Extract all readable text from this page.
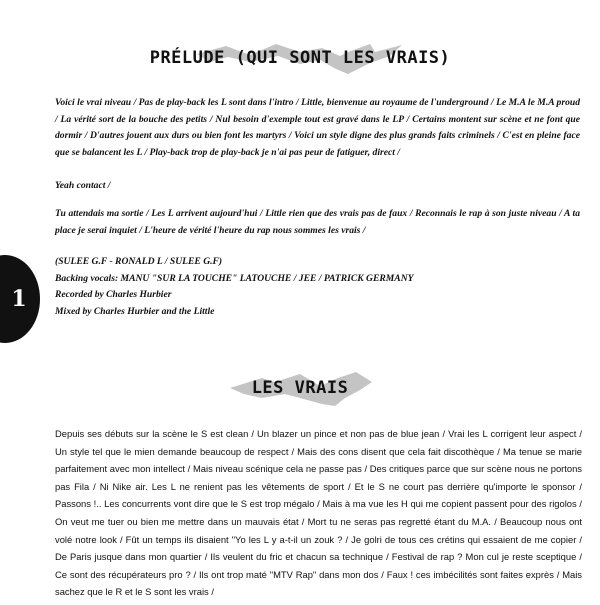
PRÉLUDE (QUI SONT LES VRAIS)

Voici le vrai niveau / Pas de play-back les L sont dans l'intro / Little, bienvenue au royaume de l'underground / Le M.A le M.A proud / La vérité sort de la bouche des petits / Nul besoin d'exemple tout est gravé dans le LP / Certains montent sur scène et ne font que dormir / D'autres jouent aux durs ou bien font les martyrs / Voici un style digne des plus grands faits criminels / C'est en pleine face que se balancent les L / Play-back trop de play-back je n'ai pas peur de fatiguer, direct /

Yeah contact /

Tu attendais ma sortie / Les L arrivent aujourd'hui / Little rien que des vrais pas de faux / Reconnais le rap à son juste niveau / A ta place je serai inquiet / L'heure de vérité l'heure du rap nous sommes les vrais /

(SULEE G.F - RONALD L / SULEE G.F)

Backing vocals: MANU "SUR LA TOUCHE" LATOUCHE / JEE / PATRICK GERMANY

Recorded by Charles Hurbier

Mixed by Charles Hurbier and the Little

1
LES VRAIS

Depuis ses débuts sur la scène le S est clean / Un blazer un pince et non pas de blue jean / Vrai les L corrigent leur aspect / Un style tel que le mien demande beaucoup de respect / Mais des cons disent que cela fait discothèque / Ma tenue se marie parfaitement avec mon intellect / Mais niveau scénique cela ne passe pas / Des critiques parce que sur scène nous ne portons pas Fila / Ni Nike air. Les L ne renient pas les vêtements de sport / Et le S ne court pas derrière qu'importe le sponsor / Passons !.. Les concurrents vont dire que le S est trop mégalo / Mais à ma vue les H qui me copient passent pour des rigolos / On veut me tuer ou bien me mettre dans un mauvais état / Mort tu ne seras pas regretté étant du M.A. / Beaucoup nous ont volé notre look / Fût un temps ils disaient "Yo les L y a-t-il un zouk ? / Je golri de tous ces crétins qui essaient de me copier / De Paris jusque dans mon quartier / Ils veulent du fric et chacun sa technique / Festival de rap ? Mon cul je reste sceptique / Ce sont des récupérateurs pro ? / Ils ont trop maté "MTV Rap" dans mon dos / Faux ! ces imbécilités sont faites exprès / Mais sachez que le R et le S sont les vrais /
